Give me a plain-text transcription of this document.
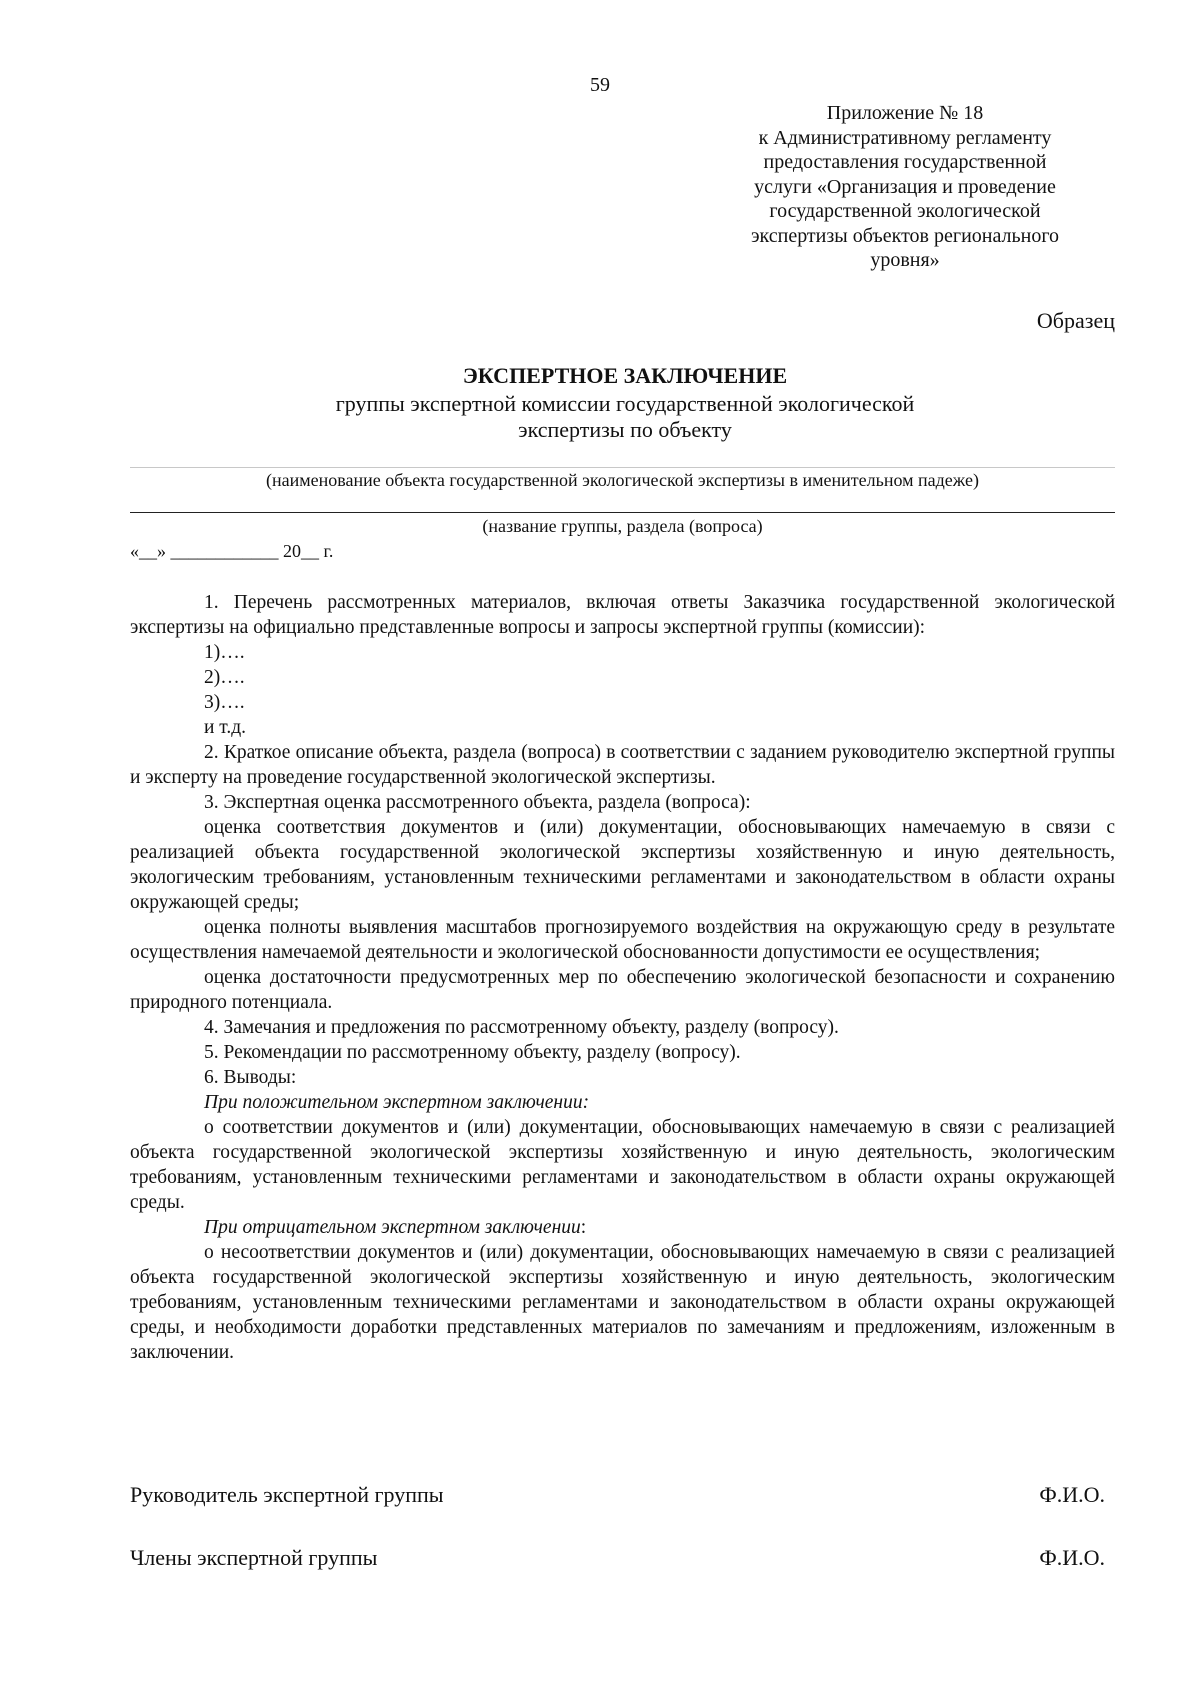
59
Приложение № 18
к Административному регламенту
предоставления государственной
услуги «Организация и проведение
государственной экологической
экспертизы объектов регионального
уровня»
Образец
ЭКСПЕРТНОЕ ЗАКЛЮЧЕНИЕ
группы экспертной комиссии государственной экологической
экспертизы по объекту
(наименование объекта государственной экологической экспертизы в именительном падеже)
(название группы, раздела (вопроса)
«__» ____________ 20__ г.

1. Перечень рассмотренных материалов, включая ответы Заказчика государственной экологической экспертизы на официально представленные вопросы и запросы экспертной группы (комиссии):

1)….

2)….

3)….

и т.д.

2. Краткое описание объекта, раздела (вопроса) в соответствии с заданием руководителю экспертной группы и эксперту на проведение государственной экологической экспертизы.

3. Экспертная оценка рассмотренного объекта, раздела (вопроса):

оценка соответствия документов и (или) документации, обосновывающих намечаемую в связи с реализацией объекта государственной экологической экспертизы хозяйственную и иную деятельность, экологическим требованиям, установленным техническими регламентами и законодательством в области охраны окружающей среды;

оценка полноты выявления масштабов прогнозируемого воздействия на окружающую среду в результате осуществления намечаемой деятельности и экологической обоснованности допустимости ее осуществления;

оценка достаточности предусмотренных мер по обеспечению экологической безопасности и сохранению природного потенциала.

4. Замечания и предложения по рассмотренному объекту, разделу (вопросу).

5. Рекомендации по рассмотренному объекту, разделу (вопросу).

6. Выводы:

При положительном экспертном заключении:

о соответствии документов и (или) документации, обосновывающих намечаемую в связи с реализацией объекта государственной экологической экспертизы хозяйственную и иную деятельность, экологическим требованиям, установленным техническими регламентами и законодательством в области охраны окружающей среды.

При отрицательном экспертном заключении:

о несоответствии документов и (или) документации, обосновывающих намечаемую в связи с реализацией объекта государственной экологической экспертизы хозяйственную и иную деятельность, экологическим требованиям, установленным техническими регламентами и законодательством в области охраны окружающей среды, и необходимости доработки представленных материалов по замечаниям и предложениям, изложенным в заключении.

Руководитель экспертной группы	Ф.И.О.
Члены экспертной группы	Ф.И.О.
